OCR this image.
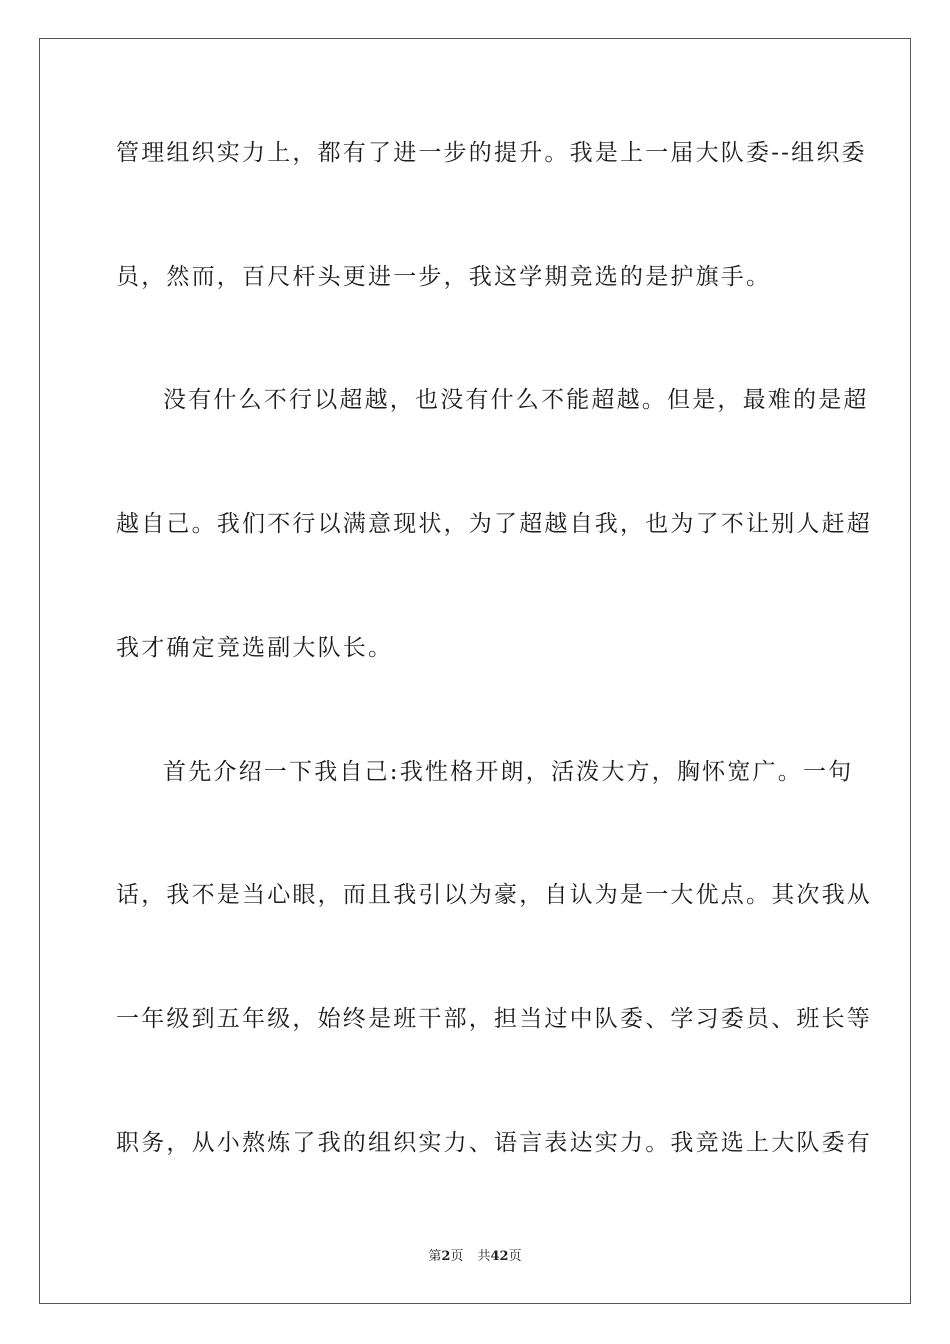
管理组织实力上，都有了进一步的提升。我是上一届大队委--组织委
员，然而，百尺杆头更进一步，我这学期竞选的是护旗手。
没有什么不行以超越，也没有什么不能超越。但是，最难的是超
越自己。我们不行以满意现状，为了超越自我，也为了不让别人赶超
我才确定竞选副大队长。
首先介绍一下我自己:我性格开朗，活泼大方，胸怀宽广。一句
话，我不是当心眼，而且我引以为豪，自认为是一大优点。其次我从
一年级到五年级，始终是班干部，担当过中队委、学习委员、班长等
职务，从小熬炼了我的组织实力、语言表达实力。我竞选上大队委有
第2页 共42页
